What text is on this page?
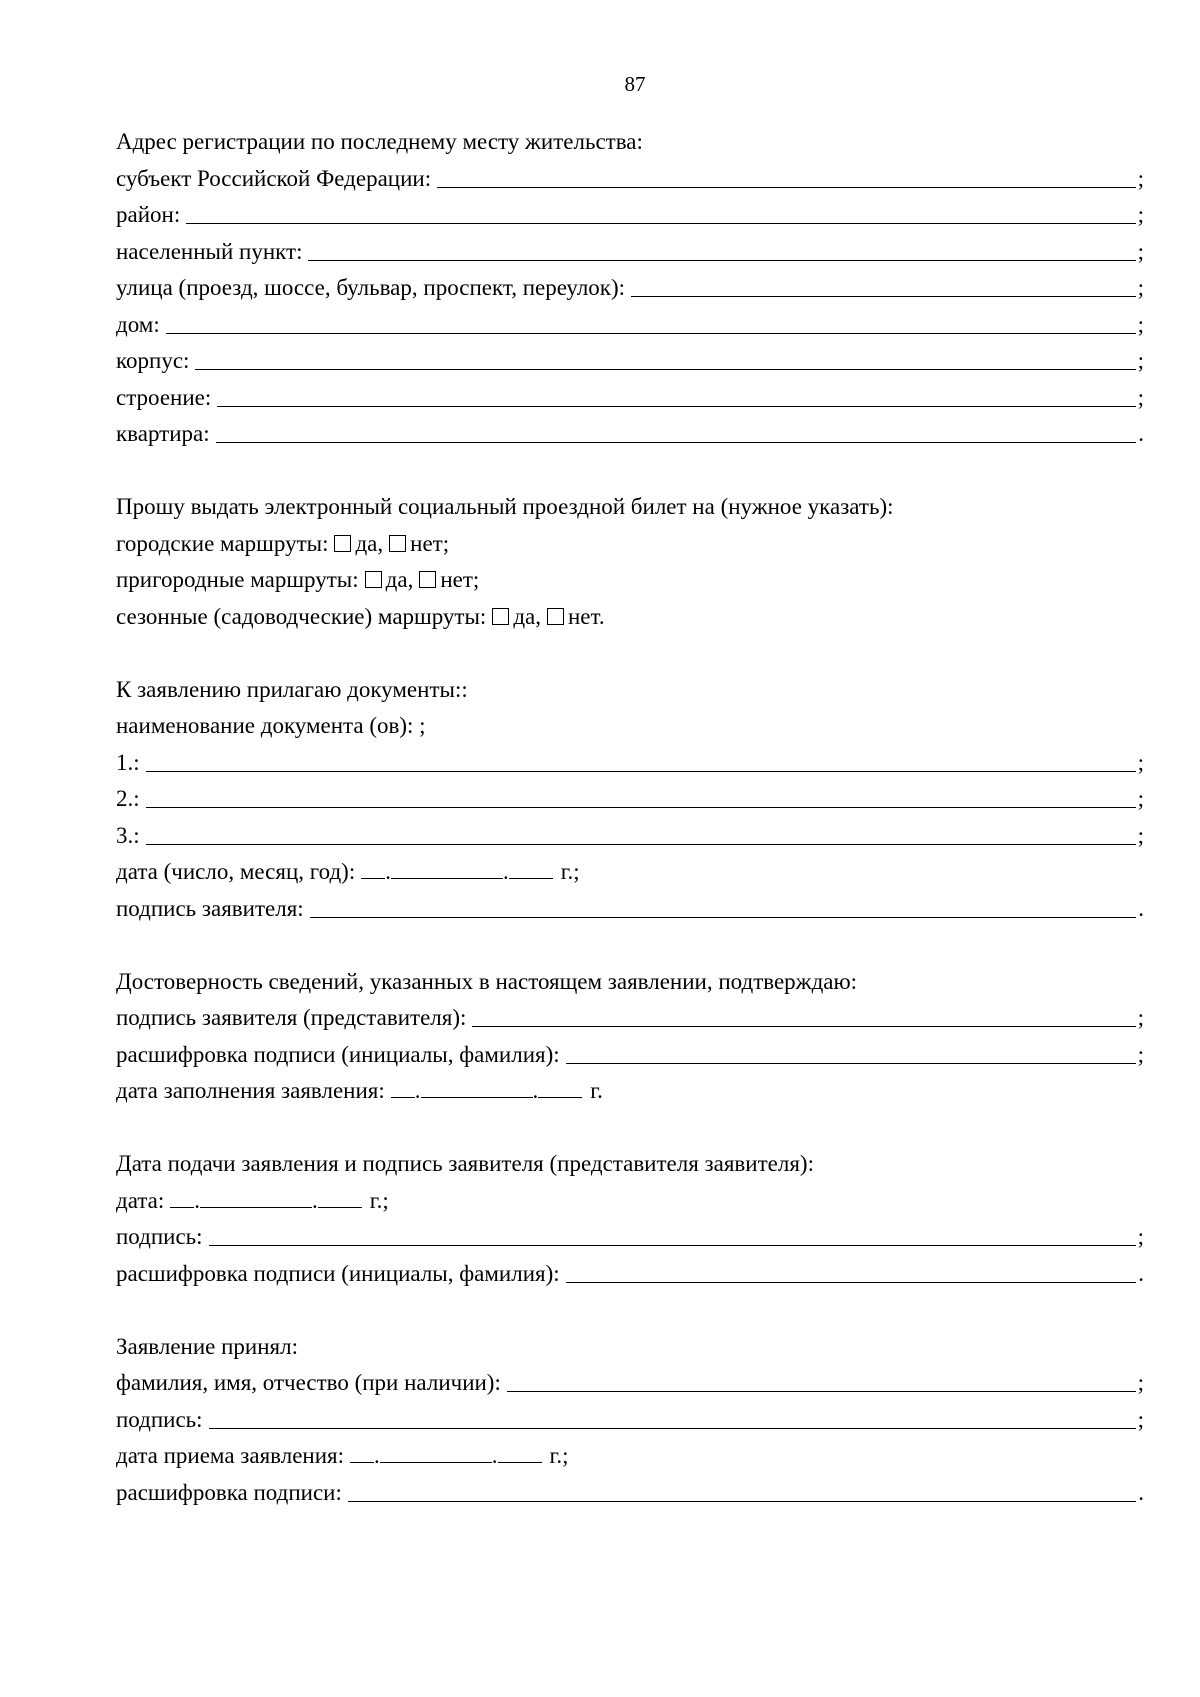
87
Адрес регистрации по последнему месту жительства:
субъект Российской Федерации:	;
район:	;
населенный пункт:	;
улица (проезд, шоссе, бульвар, проспект, переулок):	;
дом:	;
корпус:	;
строение:	;
квартира:	.
Прошу выдать электронный социальный проездной билет на (нужное указать):
городские маршруты: да, нет;
пригородные маршруты: да, нет;
сезонные (садоводческие) маршруты: да, нет.
К заявлению прилагаю документы::
наименование документа (ов): ;
1.:	;
2.:	;
3.:	;
дата (число, месяц, год):	.	.	г.;
подпись заявителя:	.
Достоверность сведений, указанных в настоящем заявлении, подтверждаю:
подпись заявителя (представителя):	;
расшифровка подписи (инициалы, фамилия):	;
дата заполнения заявления:	.	.	г.
Дата подачи заявления и подпись заявителя (представителя заявителя):
дата:	.	.	г.;
подпись:	;
расшифровка подписи (инициалы, фамилия):	.
Заявление принял:
фамилия, имя, отчество (при наличии):	;
подпись:	;
дата приема заявления:	.	.	г.;
расшифровка подписи:	.
